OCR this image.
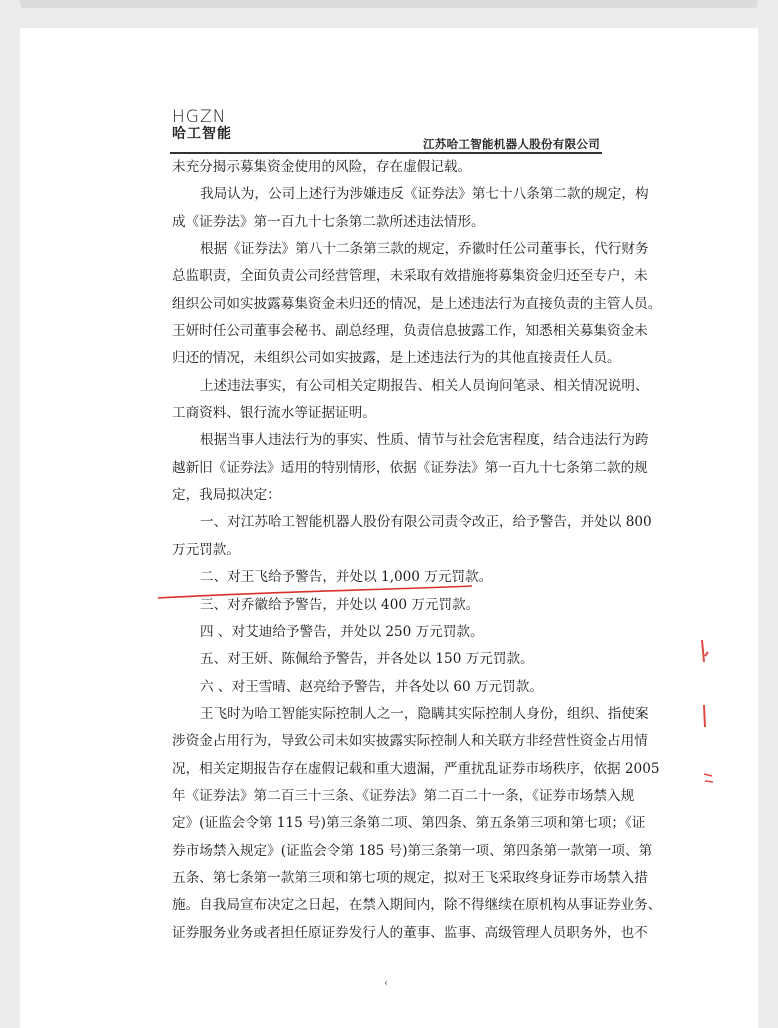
HGZN
哈工智能
江苏哈工智能机器人股份有限公司
未充分揭示募集资金使用的风险，存在虚假记载。
我局认为，公司上述行为涉嫌违反《证券法》第七十八条第二款的规定，构
成《证券法》第一百九十七条第二款所述违法情形。
根据《证券法》第八十二条第三款的规定，乔徽时任公司董事长，代行财务
总监职责，全面负责公司经营管理，未采取有效措施将募集资金归还至专户，未
组织公司如实披露募集资金未归还的情况，是上述违法行为直接负责的主管人员。
王妍时任公司董事会秘书、副总经理，负责信息披露工作，知悉相关募集资金未
归还的情况，未组织公司如实披露，是上述违法行为的其他直接责任人员。
上述违法事实，有公司相关定期报告、相关人员询问笔录、相关情况说明、
工商资料、银行流水等证据证明。
根据当事人违法行为的事实、性质、情节与社会危害程度，结合违法行为跨
越新旧《证券法》适用的特别情形，依据《证券法》第一百九十七条第二款的规
定，我局拟决定：
一、对江苏哈工智能机器人股份有限公司责令改正，给予警告，并处以 800
万元罚款。
二、对王飞给予警告，并处以 1,000 万元罚款。
三、对乔徽给予警告，并处以 400 万元罚款。
四 、对艾迪给予警告，并处以 250 万元罚款。
五、对王妍、陈佩给予警告，并各处以 150 万元罚款。
六 、对王雪晴、赵亮给予警告，并各处以 60 万元罚款。
王飞时为哈工智能实际控制人之一，隐瞒其实际控制人身份，组织、指使案
涉资金占用行为，导致公司未如实披露实际控制人和关联方非经营性资金占用情
况，相关定期报告存在虚假记载和重大遗漏，严重扰乱证券市场秩序，依据 2005
年《证券法》第二百三十三条、《证券法》第二百二十一条，《证券市场禁入规
定》(证监会令第 115 号)第三条第二项、第四条、第五条第三项和第七项；《证
券市场禁入规定》(证监会令第 185 号)第三条第一项、第四条第一款第一项、第
五条、第七条第一款第三项和第七项的规定，拟对王飞采取终身证券市场禁入措
施。自我局宣布决定之日起，在禁入期间内，除不得继续在原机构从事证券业务、
证券服务业务或者担任原证券发行人的董事、监事、高级管理人员职务外，也不
‹
